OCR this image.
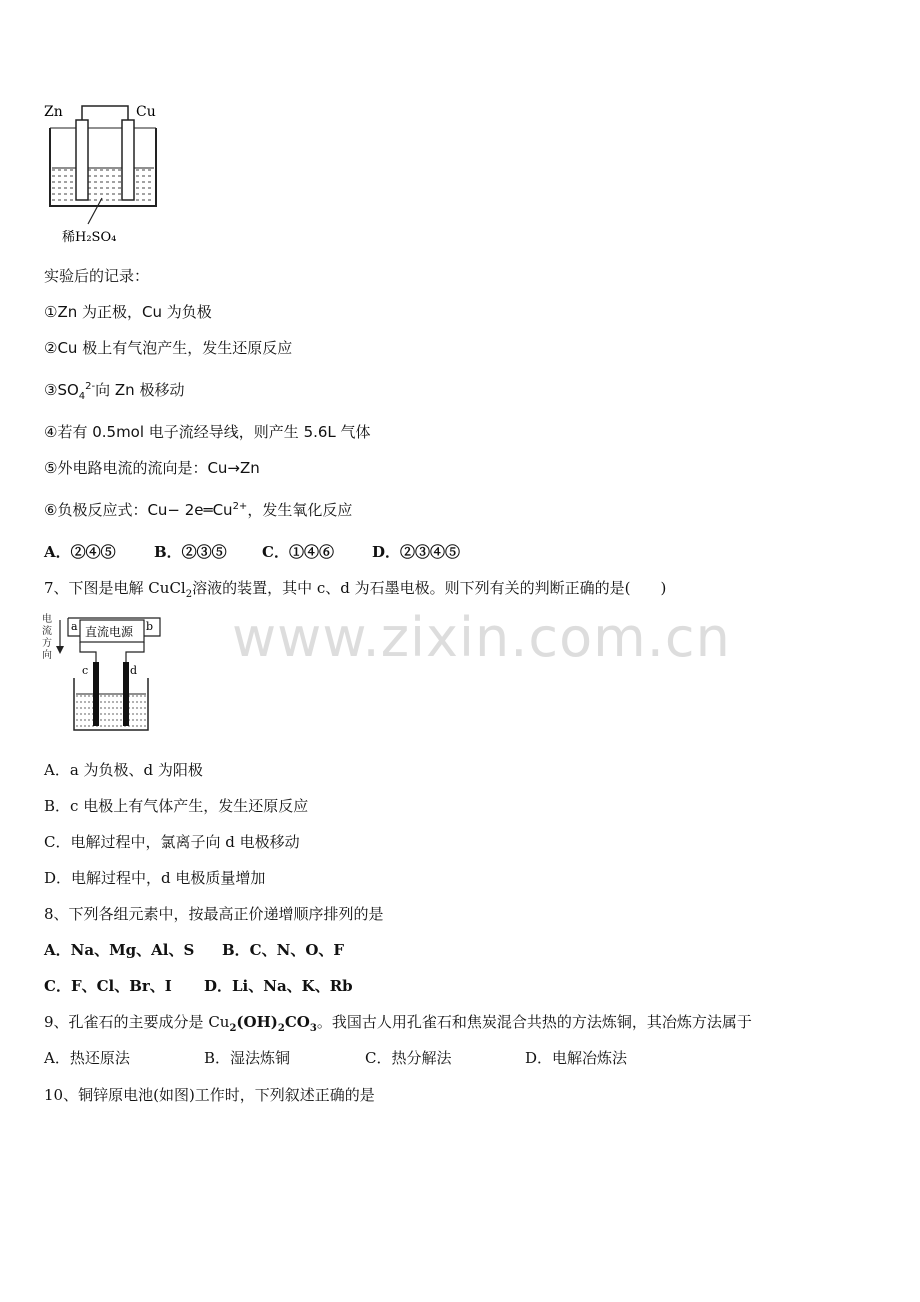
Zn	Cu
稀H₂SO₄
实验后的记录：
①Zn 为正极，Cu 为负极
②Cu 极上有气泡产生，发生还原反应
$③SO_4^{2-}$向 Zn 极移动
④若有 0.5mol 电子流经导线，则产生 5.6L 气体
⑤外电路电流的流向是：Cu→Zn
⑥负极反应式：$Cu- 2e═Cu^{2+}$，发生氧化反应
A．②④⑤	B．②③⑤ C．①④⑥	D．②③④⑤
7、下图是电解 CuCl$_2$溶液的装置，其中 c、d 为石墨电极。则下列有关的判断正确的是(　　)
电
流
方
向
直流电源
a	b
c	d
A．a 为负极、d 为阳极
B．c 电极上有气体产生，发生还原反应
C．电解过程中，氯离子向 d 电极移动
D．电解过程中，d 电极质量增加
8、下列各组元素中，按最高正价递增顺序排列的是
A．Na、Mg、Al、S B．C、N、O、F
C．F、Cl、Br、I D．Li、Na、K、Rb
9、孔雀石的主要成分是 $Cu_2(OH)_2CO_3$。我国古人用孔雀石和焦炭混合共热的方法炼铜，其冶炼方法属于
A．热还原法	B．湿法炼铜	C．热分解法	D．电解冶炼法
10、铜锌原电池(如图)工作时，下列叙述正确的是
www.zixin.com.cn
